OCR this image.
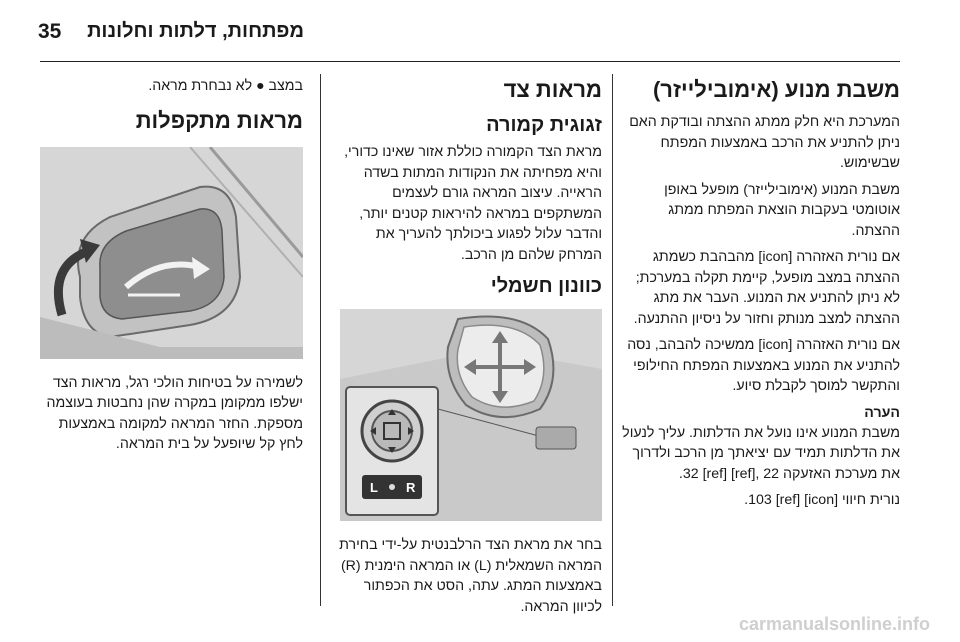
35 מפתחות, דלתות וחלונות
משבת מנוע (אימובילייזר)

המערכת היא חלק ממתג ההצתה ובודקת האם ניתן להתניע את הרכב באמצעות המפתח שבשימוש.

משבת המנוע (אימובילייזר) מופעל באופן אוטומטי בעקבות הוצאת המפתח ממתג ההצתה.

אם נורית האזהרה [icon] מהבהבת כשמתג ההצתה במצב מופעל, קיימת תקלה במערכת; לא ניתן להתניע את המנוע. העבר את מתג ההצתה למצב מנותק וחזור על ניסיון ההתנעה.

אם נורית האזהרה [icon] ממשיכה להבהב, נסה להתניע את המנוע באמצעות המפתח החילופי והתקשר למוסך לקבלת סיוע.

הערה

משבת המנוע אינו נועל את הדלתות. עליך לנעול את הדלתות תמיד עם יציאתך מן הרכב ולדרוך את מערכת האזעקה 22 ,[ref] 32 [ref].

נורית חיווי [icon] 103 [ref].

מראות צד
זגוגית קמורה

מראת הצד הקמורה כוללת אזור שאינו כדורי, והיא מפחיתה את הנקודות המתות בשדה הראייה. עיצוב המראה גורם לעצמים המשתקפים במראה להיראות קטנים יותר, והדבר עלול לפגוע ביכולתך להעריך את המרחק שלהם מן הרכב.

כוונון חשמלי
L R

בחר את מראת הצד הרלבנטית על-ידי בחירת המראה השמאלית (L) או המראה הימנית (R) באמצעות המתג. עתה, הסט את הכפתור לכיוון המראה.

במצב ● לא נבחרת מראה.

מראות מתקפלות

לשמירה על בטיחות הולכי רגל, מראות הצד ישלפו ממקומן במקרה שהן נחבטות בעוצמה מספקת. החזר המראה למקומה באמצעות לחץ קל שיופעל על בית המראה.

carmanualsonline.info
